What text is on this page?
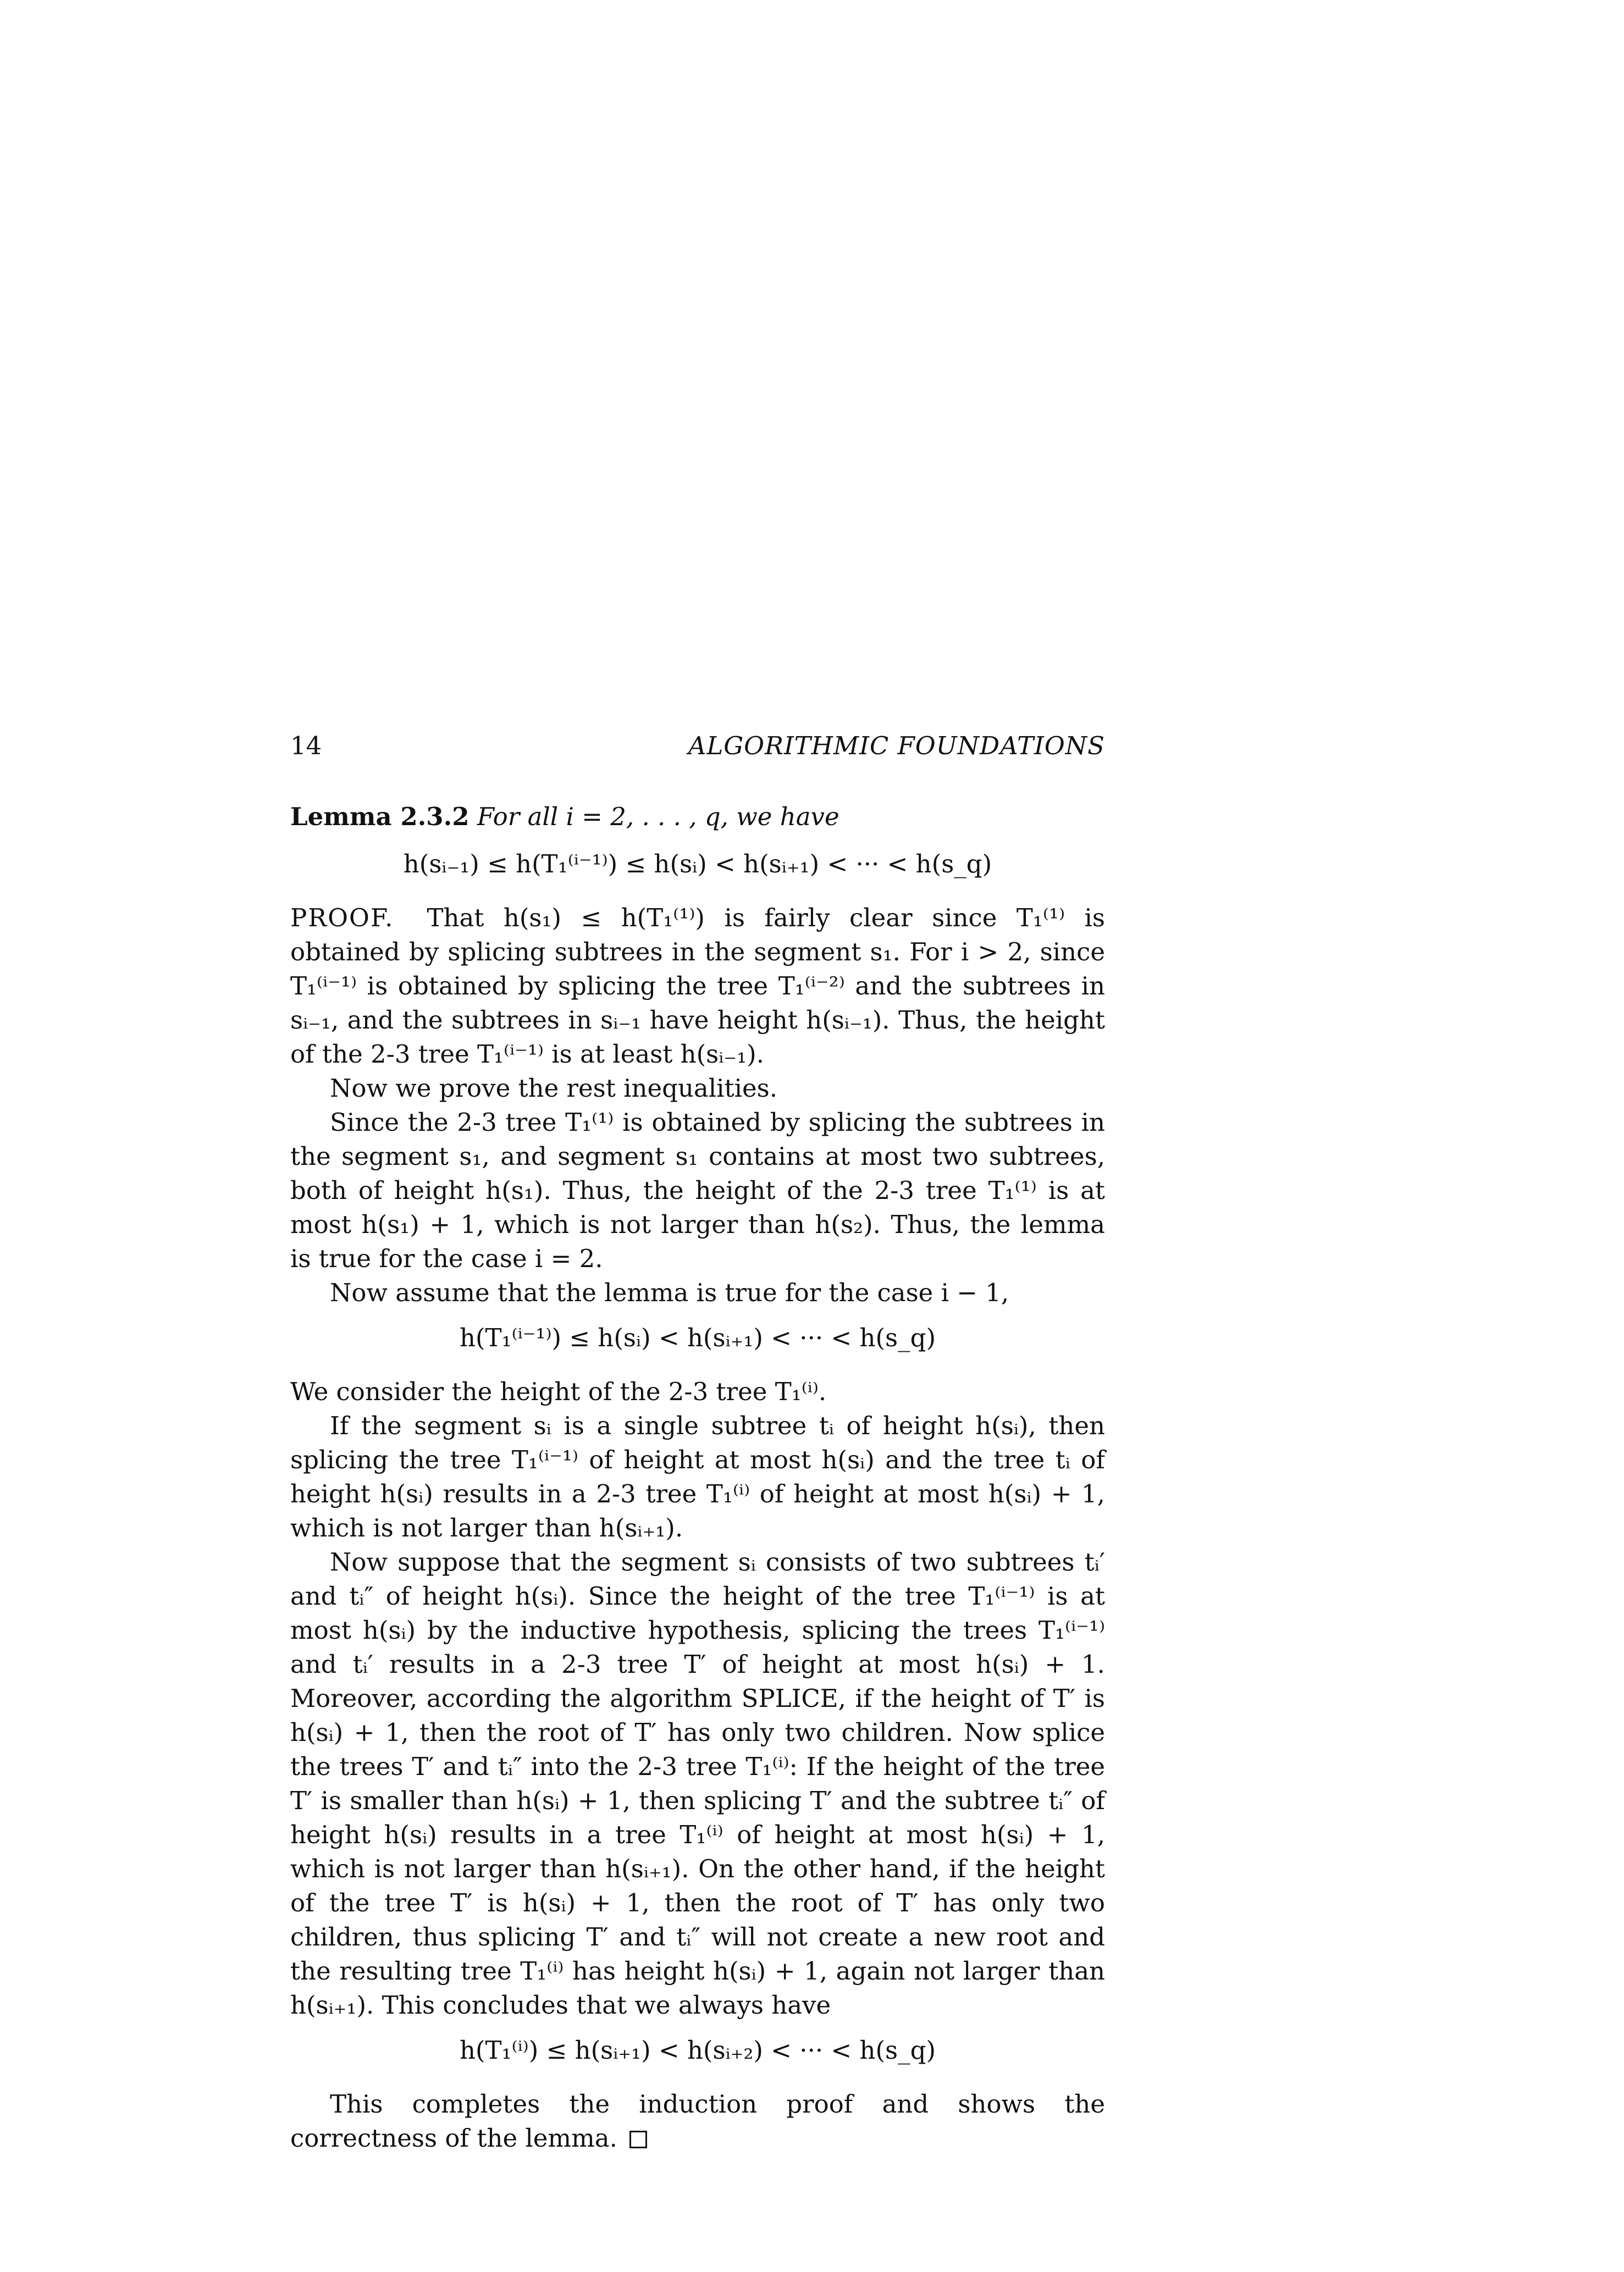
14	ALGORITHMIC FOUNDATIONS

Lemma 2.3.2 For all i = 2, . . . , q, we have

h(sᵢ₋₁) ≤ h(T₁⁽ⁱ⁻¹⁾) ≤ h(sᵢ) < h(sᵢ₊₁) < ··· < h(s_q)

PROOF. That h(s₁) ≤ h(T₁⁽¹⁾) is fairly clear since T₁⁽¹⁾ is obtained by splicing subtrees in the segment s₁. For i > 2, since T₁⁽ⁱ⁻¹⁾ is obtained by splicing the tree T₁⁽ⁱ⁻²⁾ and the subtrees in sᵢ₋₁, and the subtrees in sᵢ₋₁ have height h(sᵢ₋₁). Thus, the height of the 2-3 tree T₁⁽ⁱ⁻¹⁾ is at least h(sᵢ₋₁).

Now we prove the rest inequalities.

Since the 2-3 tree T₁⁽¹⁾ is obtained by splicing the subtrees in the segment s₁, and segment s₁ contains at most two subtrees, both of height h(s₁). Thus, the height of the 2-3 tree T₁⁽¹⁾ is at most h(s₁) + 1, which is not larger than h(s₂). Thus, the lemma is true for the case i = 2.

Now assume that the lemma is true for the case i − 1,

h(T₁⁽ⁱ⁻¹⁾) ≤ h(sᵢ) < h(sᵢ₊₁) < ··· < h(s_q)

We consider the height of the 2-3 tree T₁⁽ⁱ⁾.

If the segment sᵢ is a single subtree tᵢ of height h(sᵢ), then splicing the tree T₁⁽ⁱ⁻¹⁾ of height at most h(sᵢ) and the tree tᵢ of height h(sᵢ) results in a 2-3 tree T₁⁽ⁱ⁾ of height at most h(sᵢ) + 1, which is not larger than h(sᵢ₊₁).

Now suppose that the segment sᵢ consists of two subtrees tᵢ′ and tᵢ″ of height h(sᵢ). Since the height of the tree T₁⁽ⁱ⁻¹⁾ is at most h(sᵢ) by the inductive hypothesis, splicing the trees T₁⁽ⁱ⁻¹⁾ and tᵢ′ results in a 2-3 tree T′ of height at most h(sᵢ) + 1. Moreover, according the algorithm SPLICE, if the height of T′ is h(sᵢ) + 1, then the root of T′ has only two children. Now splice the trees T′ and tᵢ″ into the 2-3 tree T₁⁽ⁱ⁾: If the height of the tree T′ is smaller than h(sᵢ) + 1, then splicing T′ and the subtree tᵢ″ of height h(sᵢ) results in a tree T₁⁽ⁱ⁾ of height at most h(sᵢ) + 1, which is not larger than h(sᵢ₊₁). On the other hand, if the height of the tree T′ is h(sᵢ) + 1, then the root of T′ has only two children, thus splicing T′ and tᵢ″ will not create a new root and the resulting tree T₁⁽ⁱ⁾ has height h(sᵢ) + 1, again not larger than h(sᵢ₊₁). This concludes that we always have

h(T₁⁽ⁱ⁾) ≤ h(sᵢ₊₁) < h(sᵢ₊₂) < ··· < h(s_q)

This completes the induction proof and shows the correctness of the lemma.
